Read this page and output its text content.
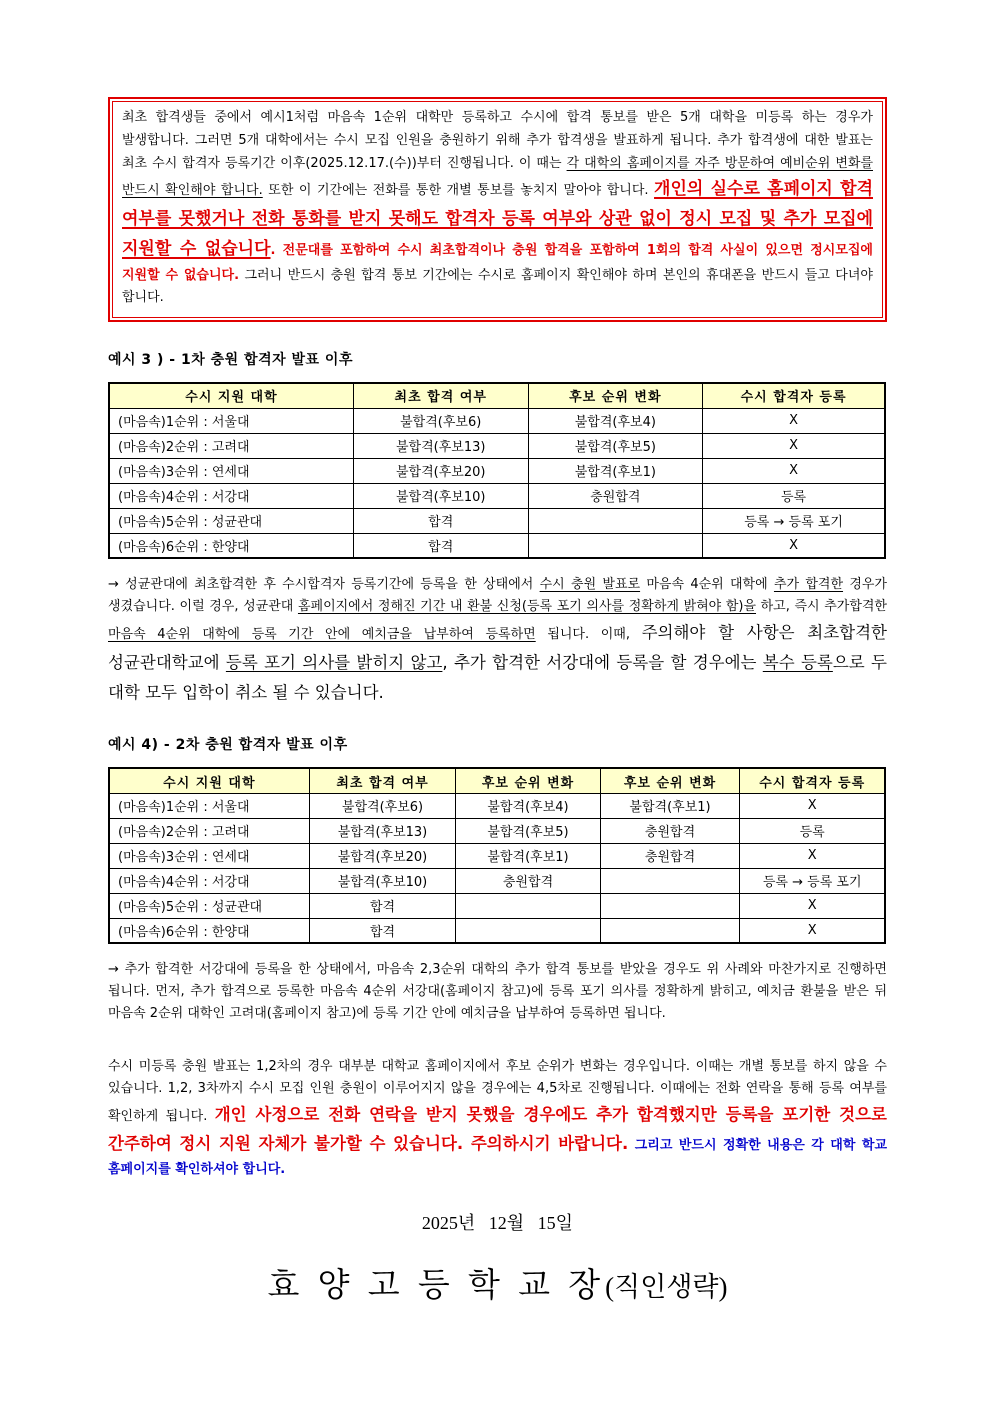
최초 합격생들 중에서 예시1처럼 마음속 1순위 대학만 등록하고 수시에 합격 통보를 받은 5개 대학을 미등록 하는 경우가 발생합니다. 그러면 5개 대학에서는 수시 모집 인원을 충원하기 위해 추가 합격생을 발표하게 됩니다. 추가 합격생에 대한 발표는 최초 수시 합격자 등록기간 이후(2025.12.17.(수))부터 진행됩니다. 이 때는 각 대학의 홈페이지를 자주 방문하여 예비순위 변화를 반드시 확인해야 합니다. 또한 이 기간에는 전화를 통한 개별 통보를 놓치지 말아야 합니다. 개인의 실수로 홈페이지 합격 여부를 못했거나 전화 통화를 받지 못해도 합격자 등록 여부와 상관 없이 정시 모집 및 추가 모집에 지원할 수 없습니다. 전문대를 포함하여 수시 최초합격이나 충원 합격을 포함하여 1회의 합격 사실이 있으면 정시모집에 지원할 수 없습니다. 그러니 반드시 충원 합격 통보 기간에는 수시로 홈페이지 확인해야 하며 본인의 휴대폰을 반드시 들고 다녀야 합니다.
예시 3 ) - 1차 충원 합격자 발표 이후
수시 지원 대학	최초 합격 여부	후보 순위 변화	수시 합격자 등록
(마음속)1순위 : 서울대	불합격(후보6)	불합격(후보4)	X
(마음속)2순위 : 고려대	불합격(후보13)	불합격(후보5)	X
(마음속)3순위 : 연세대	불합격(후보20)	불합격(후보1)	X
(마음속)4순위 : 서강대	불합격(후보10)	충원합격	등록
(마음속)5순위 : 성균관대	합격		등록 → 등록 포기
(마음속)6순위 : 한양대	합격		X
→ 성균관대에 최초합격한 후 수시합격자 등록기간에 등록을 한 상태에서 수시 충원 발표로 마음속 4순위 대학에 추가 합격한 경우가 생겼습니다. 이럴 경우, 성균관대 홈페이지에서 정해진 기간 내 환불 신청(등록 포기 의사를 정확하게 밝혀야 함)을 하고, 즉시 추가합격한 마음속 4순위 대학에 등록 기간 안에 예치금을 납부하여 등록하면 됩니다. 이때, 주의해야 할 사항은 최초합격한 성균관대학교에 등록 포기 의사를 밝히지 않고, 추가 합격한 서강대에 등록을 할 경우에는 복수 등록으로 두 대학 모두 입학이 취소 될 수 있습니다.
예시 4) - 2차 충원 합격자 발표 이후
수시 지원 대학	최초 합격 여부	후보 순위 변화	후보 순위 변화	수시 합격자 등록
(마음속)1순위 : 서울대	불합격(후보6)	불합격(후보4)	불합격(후보1)	X
(마음속)2순위 : 고려대	불합격(후보13)	불합격(후보5)	충원합격	등록
(마음속)3순위 : 연세대	불합격(후보20)	불합격(후보1)	충원합격	X
(마음속)4순위 : 서강대	불합격(후보10)	충원합격		등록 → 등록 포기
(마음속)5순위 : 성균관대	합격			X
(마음속)6순위 : 한양대	합격			X
→ 추가 합격한 서강대에 등록을 한 상태에서, 마음속 2,3순위 대학의 추가 합격 통보를 받았을 경우도 위 사례와 마찬가지로 진행하면 됩니다. 먼저, 추가 합격으로 등록한 마음속 4순위 서강대(홈페이지 참고)에 등록 포기 의사를 정확하게 밝히고, 예치금 환불을 받은 뒤 마음속 2순위 대학인 고려대(홈페이지 참고)에 등록 기간 안에 예치금을 납부하여 등록하면 됩니다.
수시 미등록 충원 발표는 1,2차의 경우 대부분 대학교 홈페이지에서 후보 순위가 변화는 경우입니다. 이때는 개별 통보를 하지 않을 수 있습니다. 1,2, 3차까지 수시 모집 인원 충원이 이루어지지 않을 경우에는 4,5차로 진행됩니다. 이때에는 전화 연락을 통해 등록 여부를 확인하게 됩니다. 개인 사정으로 전화 연락을 받지 못했을 경우에도 추가 합격했지만 등록을 포기한 것으로 간주하여 정시 지원 자체가 불가할 수 있습니다. 주의하시기 바랍니다. 그리고 반드시 정확한 내용은 각 대학 학교 홈페이지를 확인하셔야 합니다.
2025년   12월   15일
효 양 고 등 학 교 장(직인생략)
